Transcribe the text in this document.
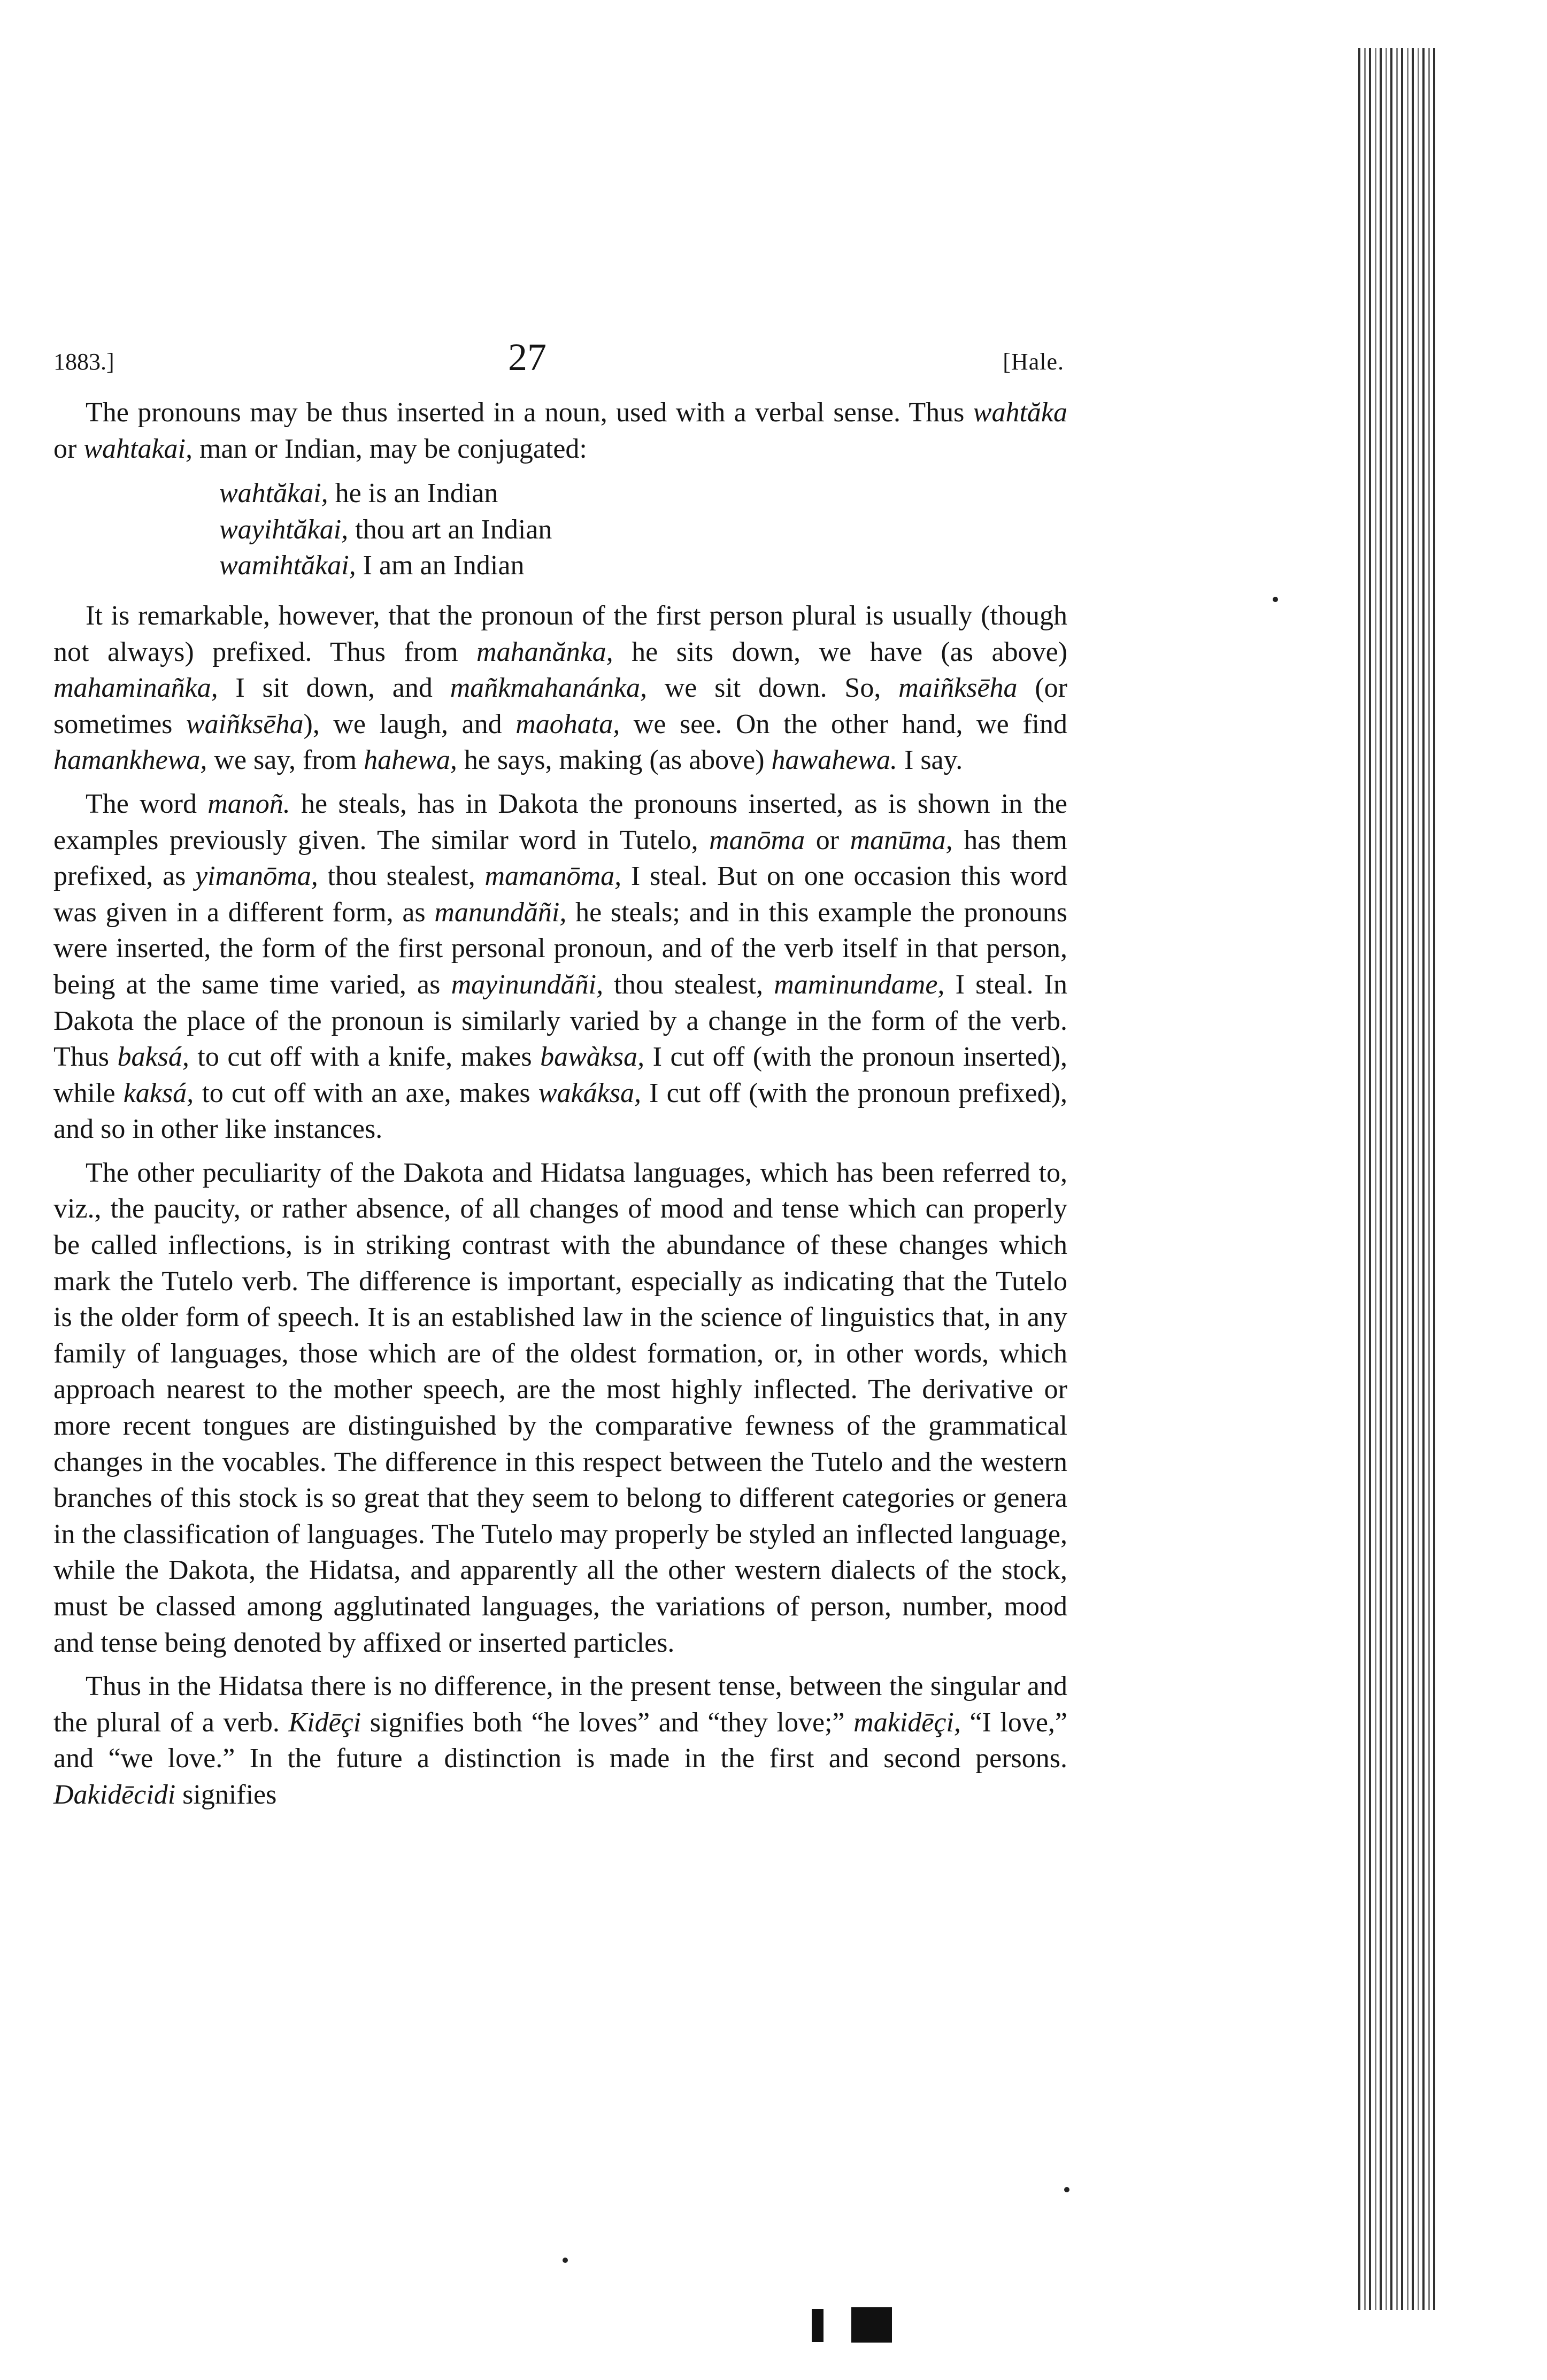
1883.]	27	[Hale.

The pronouns may be thus inserted in a noun, used with a verbal sense. Thus wahtăka or wahtakai, man or Indian, may be conjugated:

wahtăkai, he is an Indian
wayihtăkai, thou art an Indian
wamihtăkai, I am an Indian

It is remarkable, however, that the pronoun of the first person plural is usually (though not always) prefixed. Thus from mahanănka, he sits down, we have (as above) mahaminañka, I sit down, and mañkmahanánka, we sit down. So, maiñksēha (or sometimes waiñksēha), we laugh, and maohata, we see. On the other hand, we find hamankhewa, we say, from hahewa, he says, making (as above) hawahewa. I say.

The word manoñ. he steals, has in Dakota the pronouns inserted, as is shown in the examples previously given. The similar word in Tutelo, manōma or manūma, has them prefixed, as yimanōma, thou stealest, mamanōma, I steal. But on one occasion this word was given in a different form, as manundăñi, he steals; and in this example the pronouns were inserted, the form of the first personal pronoun, and of the verb itself in that person, being at the same time varied, as mayinundăñi, thou stealest, maminundame, I steal. In Dakota the place of the pronoun is similarly varied by a change in the form of the verb. Thus baksá, to cut off with a knife, makes bawàksa, I cut off (with the pronoun inserted), while kaksá, to cut off with an axe, makes wakáksa, I cut off (with the pronoun prefixed), and so in other like instances.

The other peculiarity of the Dakota and Hidatsa languages, which has been referred to, viz., the paucity, or rather absence, of all changes of mood and tense which can properly be called inflections, is in striking contrast with the abundance of these changes which mark the Tutelo verb. The difference is important, especially as indicating that the Tutelo is the older form of speech. It is an established law in the science of linguistics that, in any family of languages, those which are of the oldest formation, or, in other words, which approach nearest to the mother speech, are the most highly inflected. The derivative or more recent tongues are distinguished by the comparative fewness of the grammatical changes in the vocables. The difference in this respect between the Tutelo and the western branches of this stock is so great that they seem to belong to different categories or genera in the classification of languages. The Tutelo may properly be styled an inflected language, while the Dakota, the Hidatsa, and apparently all the other western dialects of the stock, must be classed among agglutinated languages, the variations of person, number, mood and tense being denoted by affixed or inserted particles.

Thus in the Hidatsa there is no difference, in the present tense, between the singular and the plural of a verb. Kidēçi signifies both “he loves” and “they love;” makidēçi, “I love,” and “we love.” In the future a distinction is made in the first and second persons. Dakidēcidi signifies
